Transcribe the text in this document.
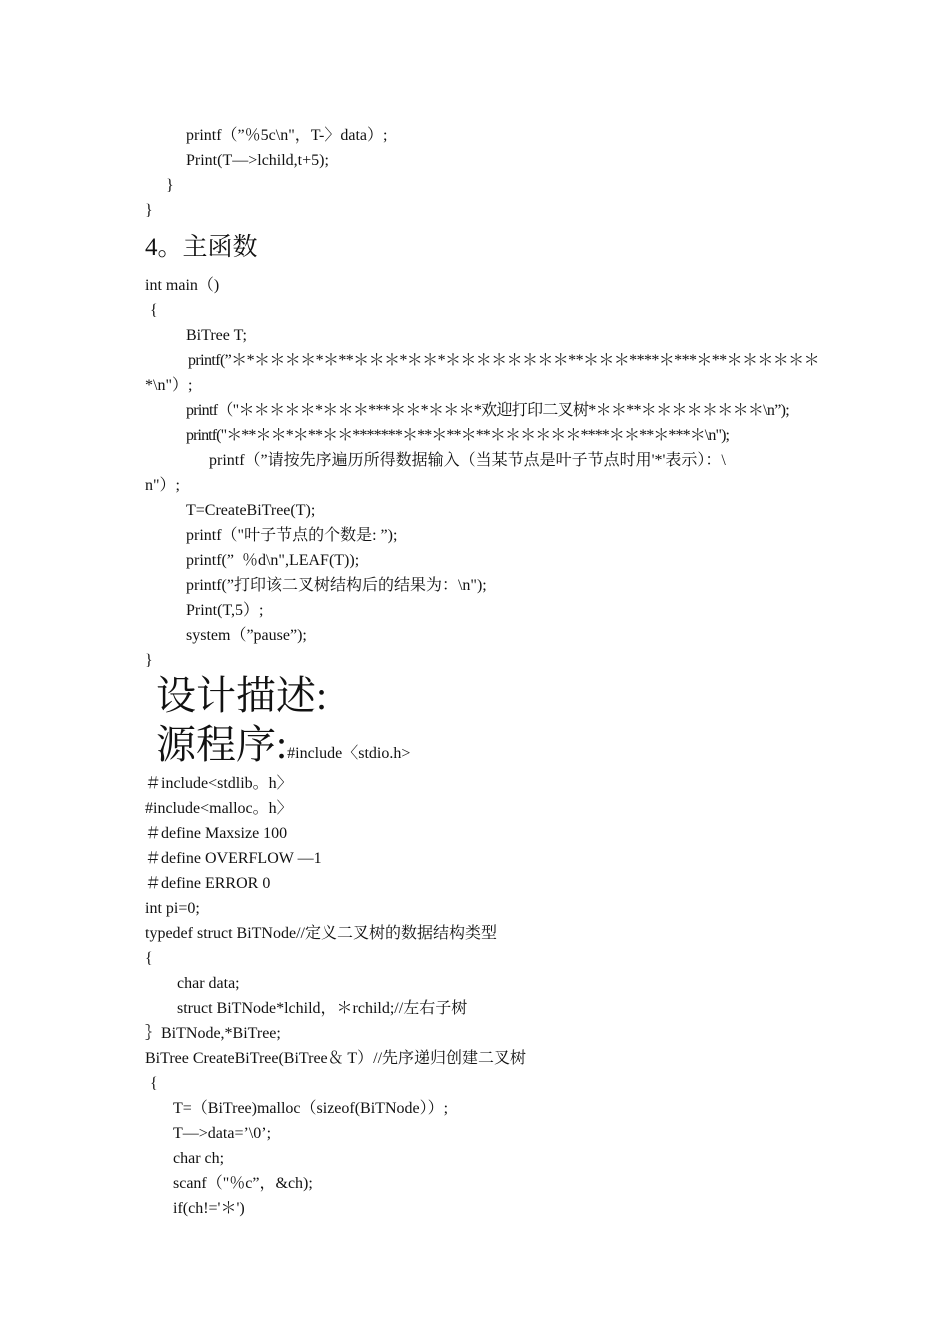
printf（”％5c\n"，T-〉data）;
Print(T—>lchild,t+5);
}
}
4。主函数
int main（)
{
BiTree T;
printf(”＊*＊＊＊＊*＊**＊＊＊*＊＊*＊＊＊＊＊＊＊＊**＊＊＊****＊***＊**＊＊＊＊＊＊
*\n"）;
printf（"＊＊＊＊＊*＊＊＊***＊＊*＊＊＊*欢迎打印二叉树*＊＊**＊＊＊＊＊＊＊＊\n”);
printf("＊**＊＊*＊**＊＊*******＊**＊**＊**＊＊＊＊＊＊****＊＊**＊***＊\n");
printf（”请按先序遍历所得数据输入（当某节点是叶子节点时用'*'表示）：\
n"）;
T=CreateBiTree(T);
printf（"叶子节点的个数是: ”);
printf(”  ％d\n",LEAF(T));
printf(”打印该二叉树结构后的结果为：\n");
Print(T,5）;
system（”pause”);
}
设计描述:
源程序:#include〈stdio.h>
＃include<stdlib。h〉
#include<malloc。h〉
＃define Maxsize 100
＃define OVERFLOW —1
＃define ERROR 0
int pi=0;
typedef struct BiTNode//定义二叉树的数据结构类型
{
char data;
struct BiTNode*lchild，＊rchild;//左右子树
｝BiTNode,*BiTree;
BiTree CreateBiTree(BiTree＆ T）//先序递归创建二叉树
{
T=（BiTree)malloc（sizeof(BiTNode））;
T—>data=’\0’;
char ch;
scanf（"％c”，&ch);
if(ch!='＊')
